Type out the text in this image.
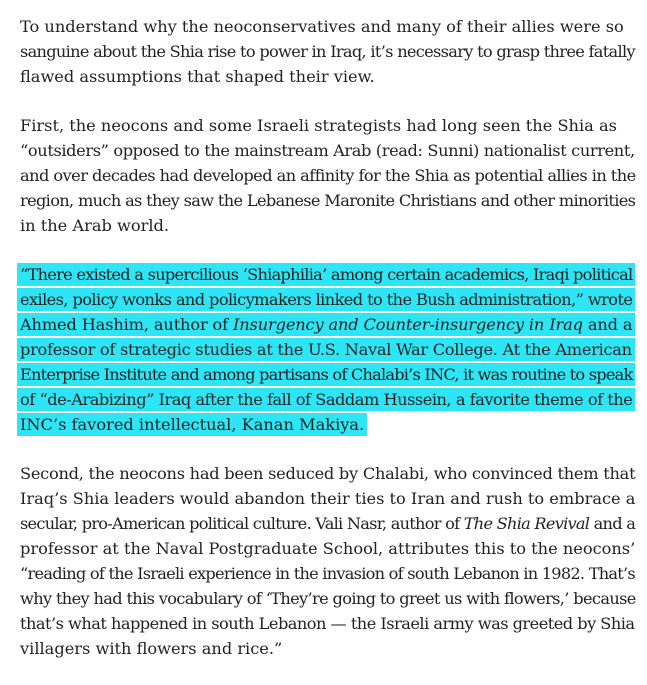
To understand why the neoconservatives and many of their allies were so
sanguine about the Shia rise to power in Iraq, it’s necessary to grasp three fatally
flawed assumptions that shaped their view.

First, the neocons and some Israeli strategists had long seen the Shia as
“outsiders” opposed to the mainstream Arab (read: Sunni) nationalist current,
and over decades had developed an affinity for the Shia as potential allies in the
region, much as they saw the Lebanese Maronite Christians and other minorities
in the Arab world.

“There existed a supercilious ‘Shiaphilia’ among certain academics, Iraqi political
exiles, policy wonks and policymakers linked to the Bush administration,” wrote
Ahmed Hashim, author of Insurgency and Counter-insurgency in Iraq and a
professor of strategic studies at the U.S. Naval War College. At the American
Enterprise Institute and among partisans of Chalabi’s INC, it was routine to speak
of “de-Arabizing” Iraq after the fall of Saddam Hussein, a favorite theme of the
INC’s favored intellectual, Kanan Makiya.

Second, the neocons had been seduced by Chalabi, who convinced them that
Iraq’s Shia leaders would abandon their ties to Iran and rush to embrace a
secular, pro-American political culture. Vali Nasr, author of The Shia Revival and a
professor at the Naval Postgraduate School, attributes this to the neocons’
“reading of the Israeli experience in the invasion of south Lebanon in 1982. That’s
why they had this vocabulary of ‘They’re going to greet us with flowers,’ because
that’s what happened in south Lebanon — the Israeli army was greeted by Shia
villagers with flowers and rice.”
